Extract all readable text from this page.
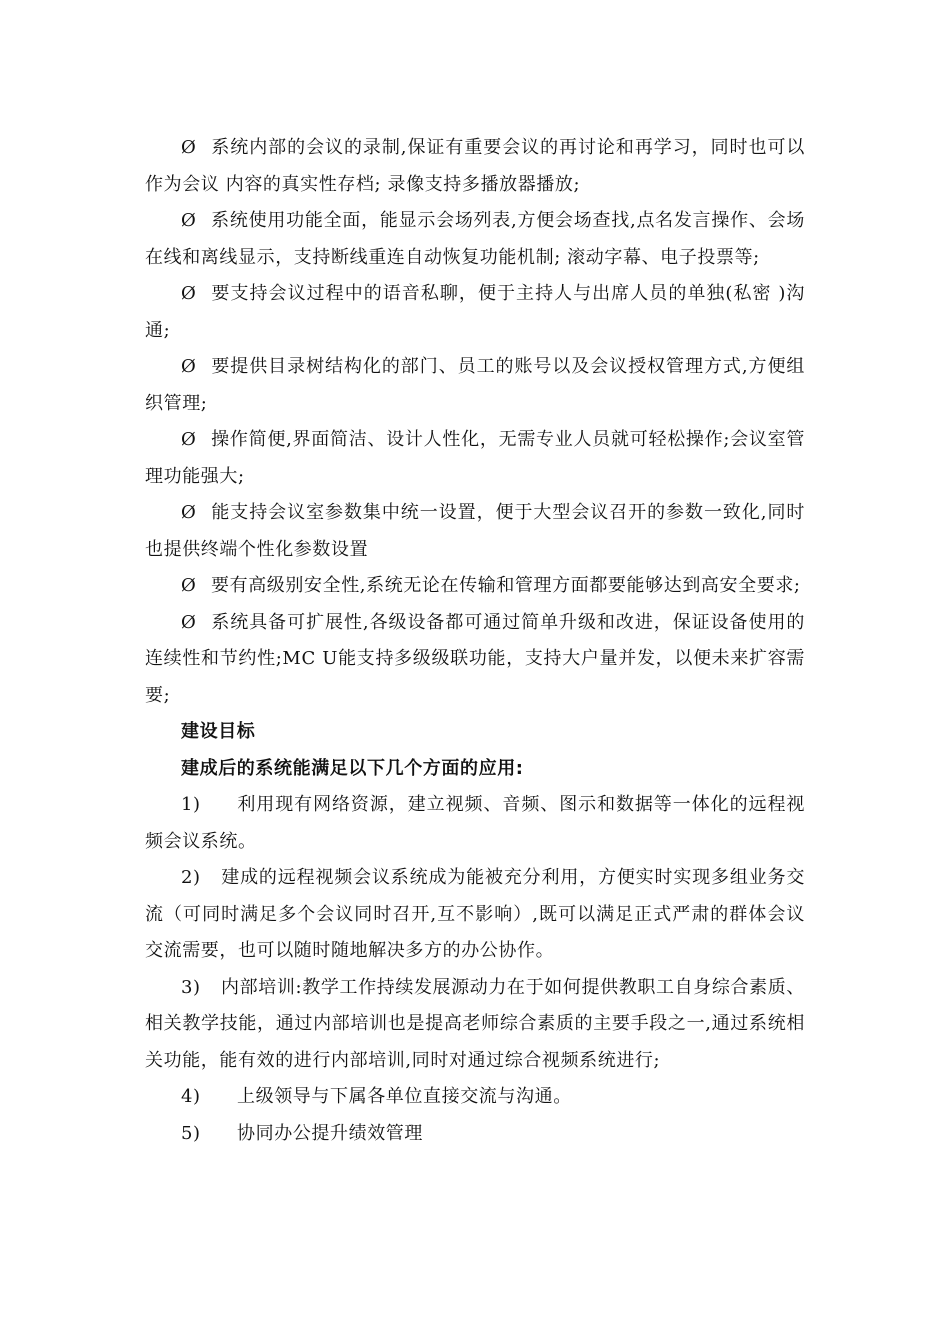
Ø 系统内部的会议的录制,保证有重要会议的再讨论和再学习，同时也可以作为会议 内容的真实性存档; 录像支持多播放器播放;

Ø 系统使用功能全面，能显示会场列表,方便会场查找,点名发言操作、会场在线和离线显示，支持断线重连自动恢复功能机制; 滚动字幕、电子投票等;

Ø 要支持会议过程中的语音私聊，便于主持人与出席人员的单独(私密 )沟通;

Ø 要提供目录树结构化的部门、员工的账号以及会议授权管理方式,方便组织管理;

Ø 操作简便,界面简洁、设计人性化，无需专业人员就可轻松操作;会议室管理功能强大;

Ø 能支持会议室参数集中统一设置，便于大型会议召开的参数一致化,同时也提供终端个性化参数设置

Ø 要有高级别安全性,系统无论在传输和管理方面都要能够达到高安全要求;

Ø 系统具备可扩展性,各级设备都可通过简单升级和改进，保证设备使用的连续性和节约性;MC U能支持多级级联功能，支持大户量并发，以便未来扩容需要;

建设目标

建成后的系统能满足以下几个方面的应用:

1) 利用现有网络资源，建立视频、音频、图示和数据等一体化的远程视频会议系统。

2) 建成的远程视频会议系统成为能被充分利用，方便实时实现多组业务交流（可同时满足多个会议同时召开,互不影响）,既可以满足正式严肃的群体会议交流需要，也可以随时随地解决多方的办公协作。

3) 内部培训:教学工作持续发展源动力在于如何提供教职工自身综合素质、相关教学技能，通过内部培训也是提高老师综合素质的主要手段之一,通过系统相关功能，能有效的进行内部培训,同时对通过综合视频系统进行;

4) 上级领导与下属各单位直接交流与沟通。

5) 协同办公提升绩效管理
